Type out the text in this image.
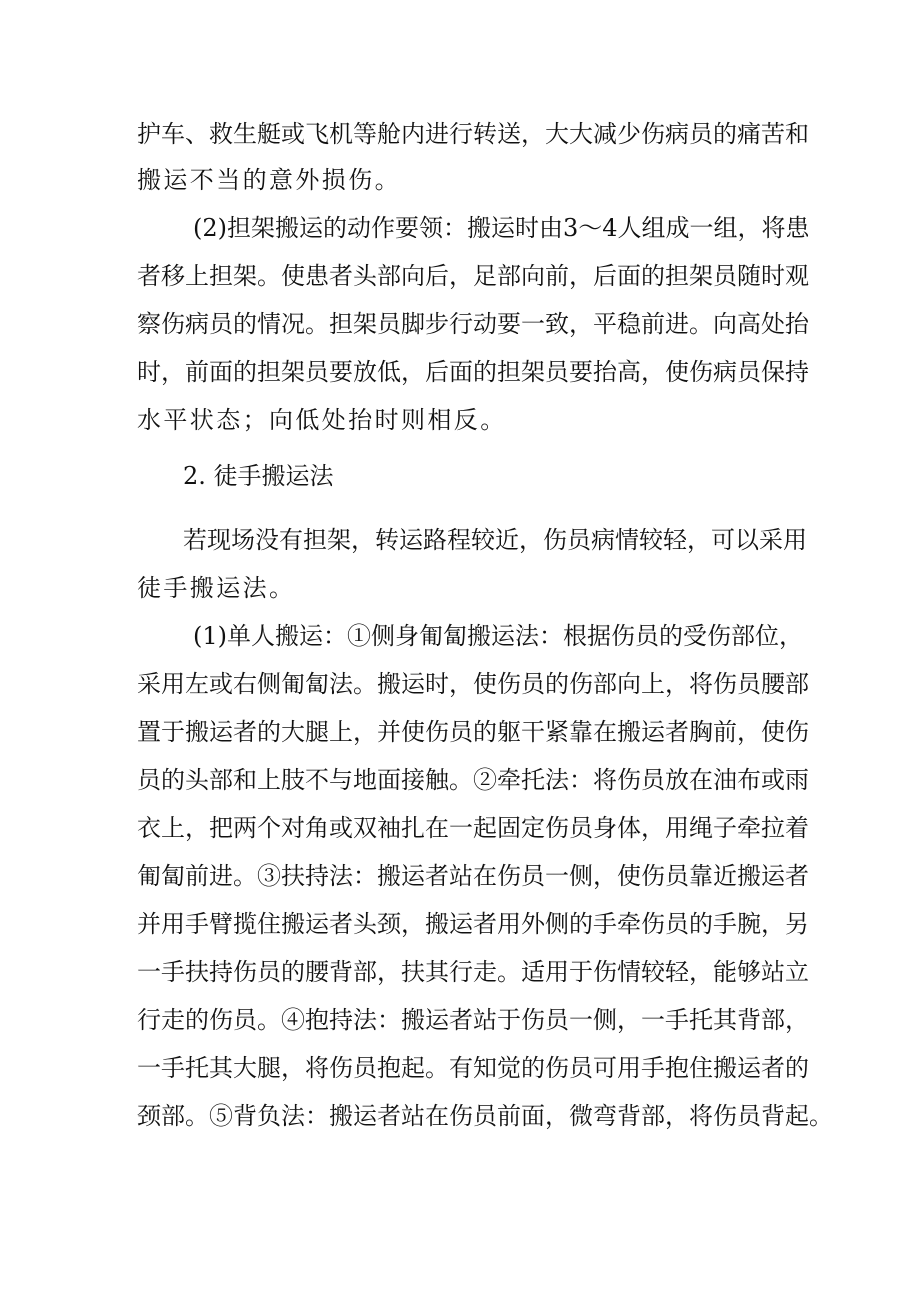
护车、救生艇或飞机等舱内进行转送，大大减少伤病员的痛苦和
搬运不当的意外损伤。
(2)担架搬运的动作要领：搬运时由3～4人组成一组，将患
者移上担架。使患者头部向后，足部向前，后面的担架员随时观
察伤病员的情况。担架员脚步行动要一致，平稳前进。向高处抬
时，前面的担架员要放低，后面的担架员要抬高，使伤病员保持
水平状态；向低处抬时则相反。
2. 徒手搬运法
若现场没有担架，转运路程较近，伤员病情较轻，可以采用
徒手搬运法。
(1)单人搬运：①侧身匍匐搬运法：根据伤员的受伤部位，
采用左或右侧匍匐法。搬运时，使伤员的伤部向上，将伤员腰部
置于搬运者的大腿上，并使伤员的躯干紧靠在搬运者胸前，使伤
员的头部和上肢不与地面接触。②牵托法：将伤员放在油布或雨
衣上，把两个对角或双袖扎在一起固定伤员身体，用绳子牵拉着
匍匐前进。③扶持法：搬运者站在伤员一侧，使伤员靠近搬运者
并用手臂揽住搬运者头颈，搬运者用外侧的手牵伤员的手腕，另
一手扶持伤员的腰背部，扶其行走。适用于伤情较轻，能够站立
行走的伤员。④抱持法：搬运者站于伤员一侧，一手托其背部，
一手托其大腿，将伤员抱起。有知觉的伤员可用手抱住搬运者的
颈部。⑤背负法：搬运者站在伤员前面，微弯背部，将伤员背起。
